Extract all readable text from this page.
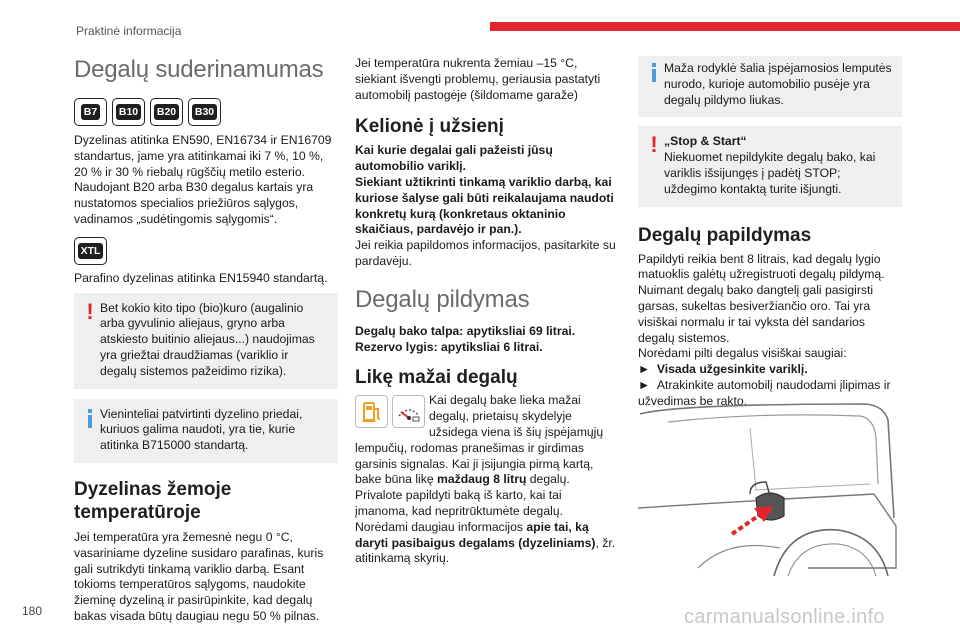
Praktinė informacija
Degalų suderinamumas
B7 B10 B20 B30

Dyzelinas atitinka EN590, EN16734 ir EN16709 standartus, jame yra atitinkamai iki 7 %, 10 %, 20 % ir 30 % riebalų rūgščių metilo esterio. Naudojant B20 arba B30 degalus kartais yra nustatomos specialios priežiūros sąlygos, vadinamos „sudėtingomis sąlygomis“.

XTL

Parafino dyzelinas atitinka EN15940 standartą.

! Bet kokio kito tipo (bio)kuro (augalinio arba gyvulinio aliejaus, gryno arba atskiesto buitinio aliejaus...) naudojimas yra griežtai draudžiamas (variklio ir degalų sistemos pažeidimo rizika).
Vieninteliai patvirtinti dyzelino priedai, kuriuos galima naudoti, yra tie, kurie atitinka B715000 standartą.
Dyzelinas žemoje temperatūroje

Jei temperatūra yra žemesnė negu 0 °C, vasariniame dyzeline susidaro parafinas, kuris gali sutrikdyti tinkamą variklio darbą. Esant tokioms temperatūros sąlygoms, naudokite žieminę dyzeliną ir pasirūpinkite, kad degalų bakas visada būtų daugiau negu 50 % pilnas.

Jei temperatūra nukrenta žemiau –15 °C, siekiant išvengti problemų, geriausia pastatyti automobilį pastogėje (šildomame garaže)

Kelionė į užsienį

Kai kurie degalai gali pažeisti jūsų automobilio variklį.
Siekiant užtikrinti tinkamą variklio darbą, kai kuriose šalyse gali būti reikalaujama naudoti konkretų kurą (konkretaus oktaninio skaičiaus, pardavėjo ir pan.).
Jei reikia papildomos informacijos, pasitarkite su pardavėju.

Degalų pildymas

Degalų bako talpa: apytiksliai 69 litrai.
Rezervo lygis: apytiksliai 6 litrai.

Likę mažai degalų

Kai degalų bake lieka mažai degalų, prietaisų skydelyje užsidega viena iš šių įspėjamųjų lempučių, rodomas pranešimas ir girdimas garsinis signalas. Kai ji įsijungia pirmą kartą, bake būna likę maždaug 8 litrų degalų.
Privalote papildyti baką iš karto, kai tai įmanoma, kad nepritrūktumėte degalų.
Norėdami daugiau informacijos apie tai, ką daryti pasibaigus degalams (dyzeliniams), žr. atitinkamą skyrių.

Maža rodyklė šalia įspėjamosios lemputės nurodo, kurioje automobilio pusėje yra degalų pildymo liukas.
! „Stop & Start“
Niekuomet nepildykite degalų bako, kai variklis išsijungęs į padėtį STOP; uždegimo kontaktą turite išjungti.
Degalų papildymas

Papildyti reikia bent 8 litrais, kad degalų lygio matuoklis galėtų užregistruoti degalų pildymą. Nuimant degalų bako dangtelį gali pasigirsti garsas, sukeltas besiveržiančio oro. Tai yra visiškai normalu ir tai vyksta dėl sandarios degalų sistemos.
Norėdami pilti degalus visiškai saugiai:
► Visada užgesinkite variklį.
► Atrakinkite automobilį naudodami įlipimas ir užvedimas be rakto.

180	carmanualsonline.info
